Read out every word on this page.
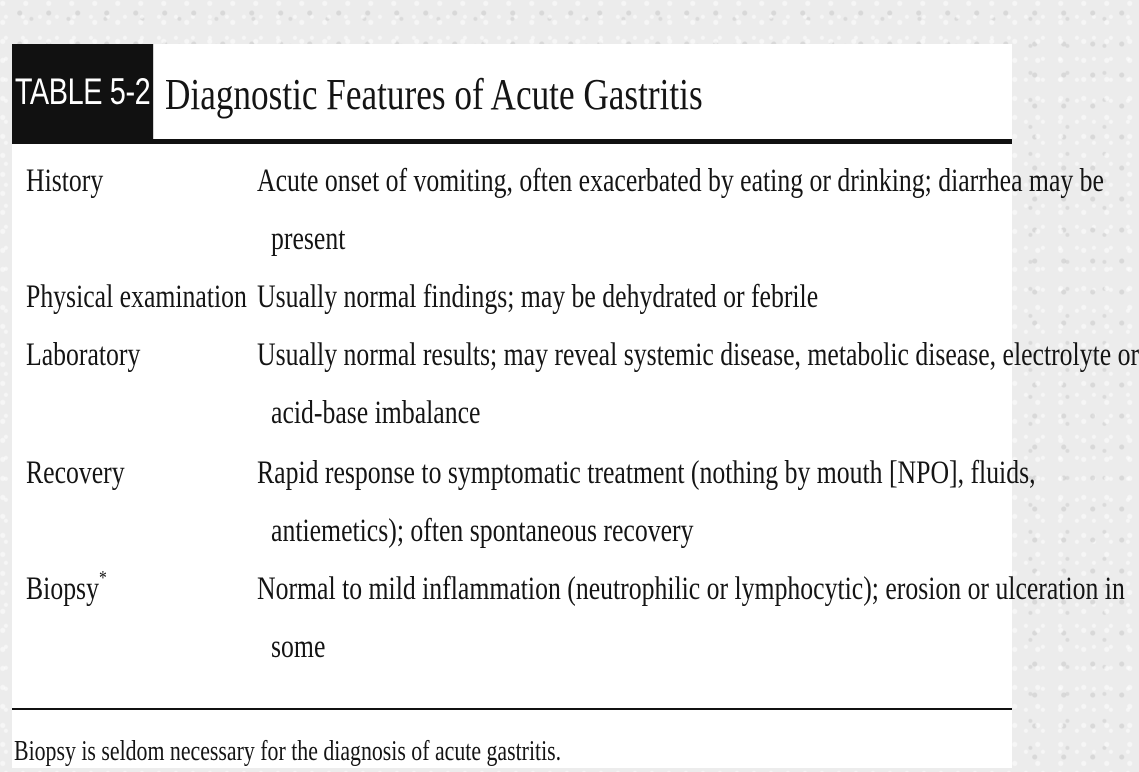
TABLE 5-2 Diagnostic Features of Acute Gastritis
History	Acute onset of vomiting, often exacerbated by eating or drinking; diarrhea may be
present
Physical examination Usually normal findings; may be dehydrated or febrile
Laboratory	Usually normal results; may reveal systemic disease, metabolic disease, electrolyte or
acid-base imbalance
Recovery	Rapid response to symptomatic treatment (nothing by mouth [NPO], fluids,
antiemetics); often spontaneous recovery
Biopsy*	Normal to mild inflammation (neutrophilic or lymphocytic); erosion or ulceration in
some
Biopsy is seldom necessary for the diagnosis of acute gastritis.
